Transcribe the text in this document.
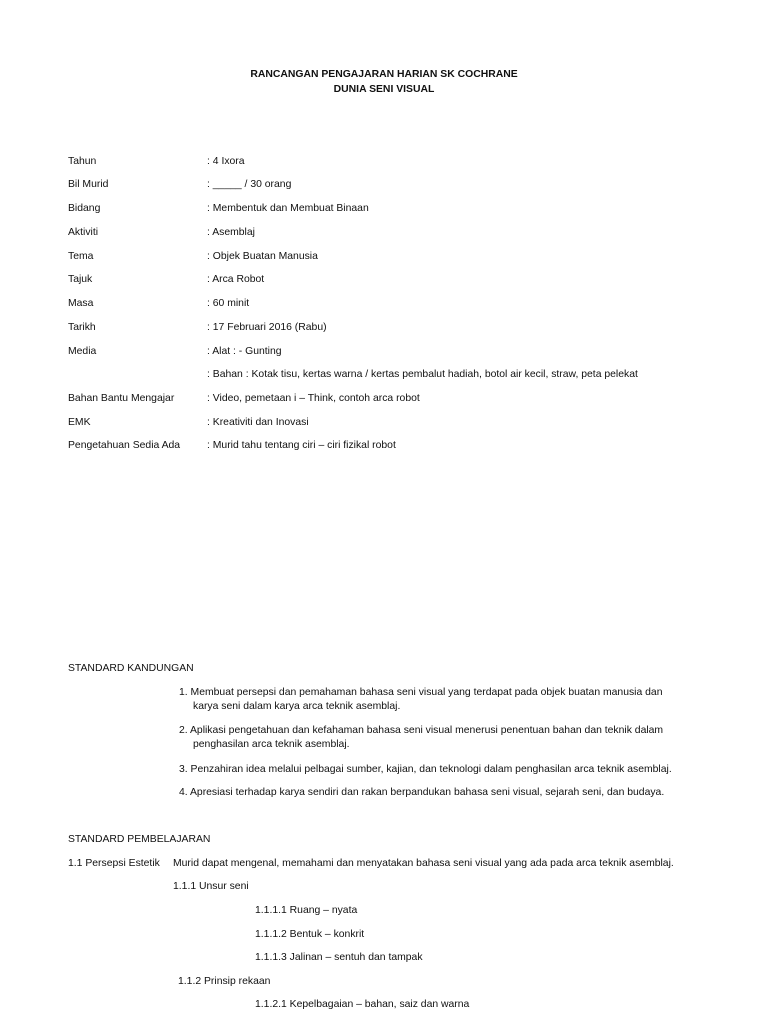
RANCANGAN PENGAJARAN HARIAN SK COCHRANE
DUNIA SENI VISUAL
Tahun	: 4 Ixora
Bil Murid	: _____ / 30 orang
Bidang	: Membentuk dan Membuat Binaan
Aktiviti	: Asemblaj
Tema	: Objek Buatan Manusia
Tajuk	: Arca Robot
Masa	: 60 minit
Tarikh	: 17 Februari 2016 (Rabu)
Media	: Alat : - Gunting
: Bahan : Kotak tisu, kertas warna / kertas pembalut hadiah, botol air kecil, straw, peta pelekat
Bahan Bantu Mengajar	: Video, pemetaan i – Think, contoh arca robot
EMK	: Kreativiti dan Inovasi
Pengetahuan Sedia Ada	: Murid tahu tentang ciri – ciri fizikal robot
STANDARD KANDUNGAN
1. Membuat persepsi dan pemahaman bahasa seni visual yang terdapat pada objek buatan manusia dan
karya seni dalam karya arca teknik asemblaj.
2. Aplikasi pengetahuan dan kefahaman bahasa seni visual menerusi penentuan bahan dan teknik dalam
penghasilan arca teknik asemblaj.
3. Penzahiran idea melalui pelbagai sumber, kajian, dan teknologi dalam penghasilan arca teknik asemblaj.
4. Apresiasi terhadap karya sendiri dan rakan berpandukan bahasa seni visual, sejarah seni, dan budaya.
STANDARD PEMBELAJARAN
1.1 Persepsi Estetik Murid dapat mengenal, memahami dan menyatakan bahasa seni visual yang ada pada arca teknik asemblaj.
1.1.1 Unsur seni
1.1.1.1 Ruang – nyata
1.1.1.2 Bentuk – konkrit
1.1.1.3 Jalinan – sentuh dan tampak
1.1.2 Prinsip rekaan
1.1.2.1 Kepelbagaian – bahan, saiz dan warna
